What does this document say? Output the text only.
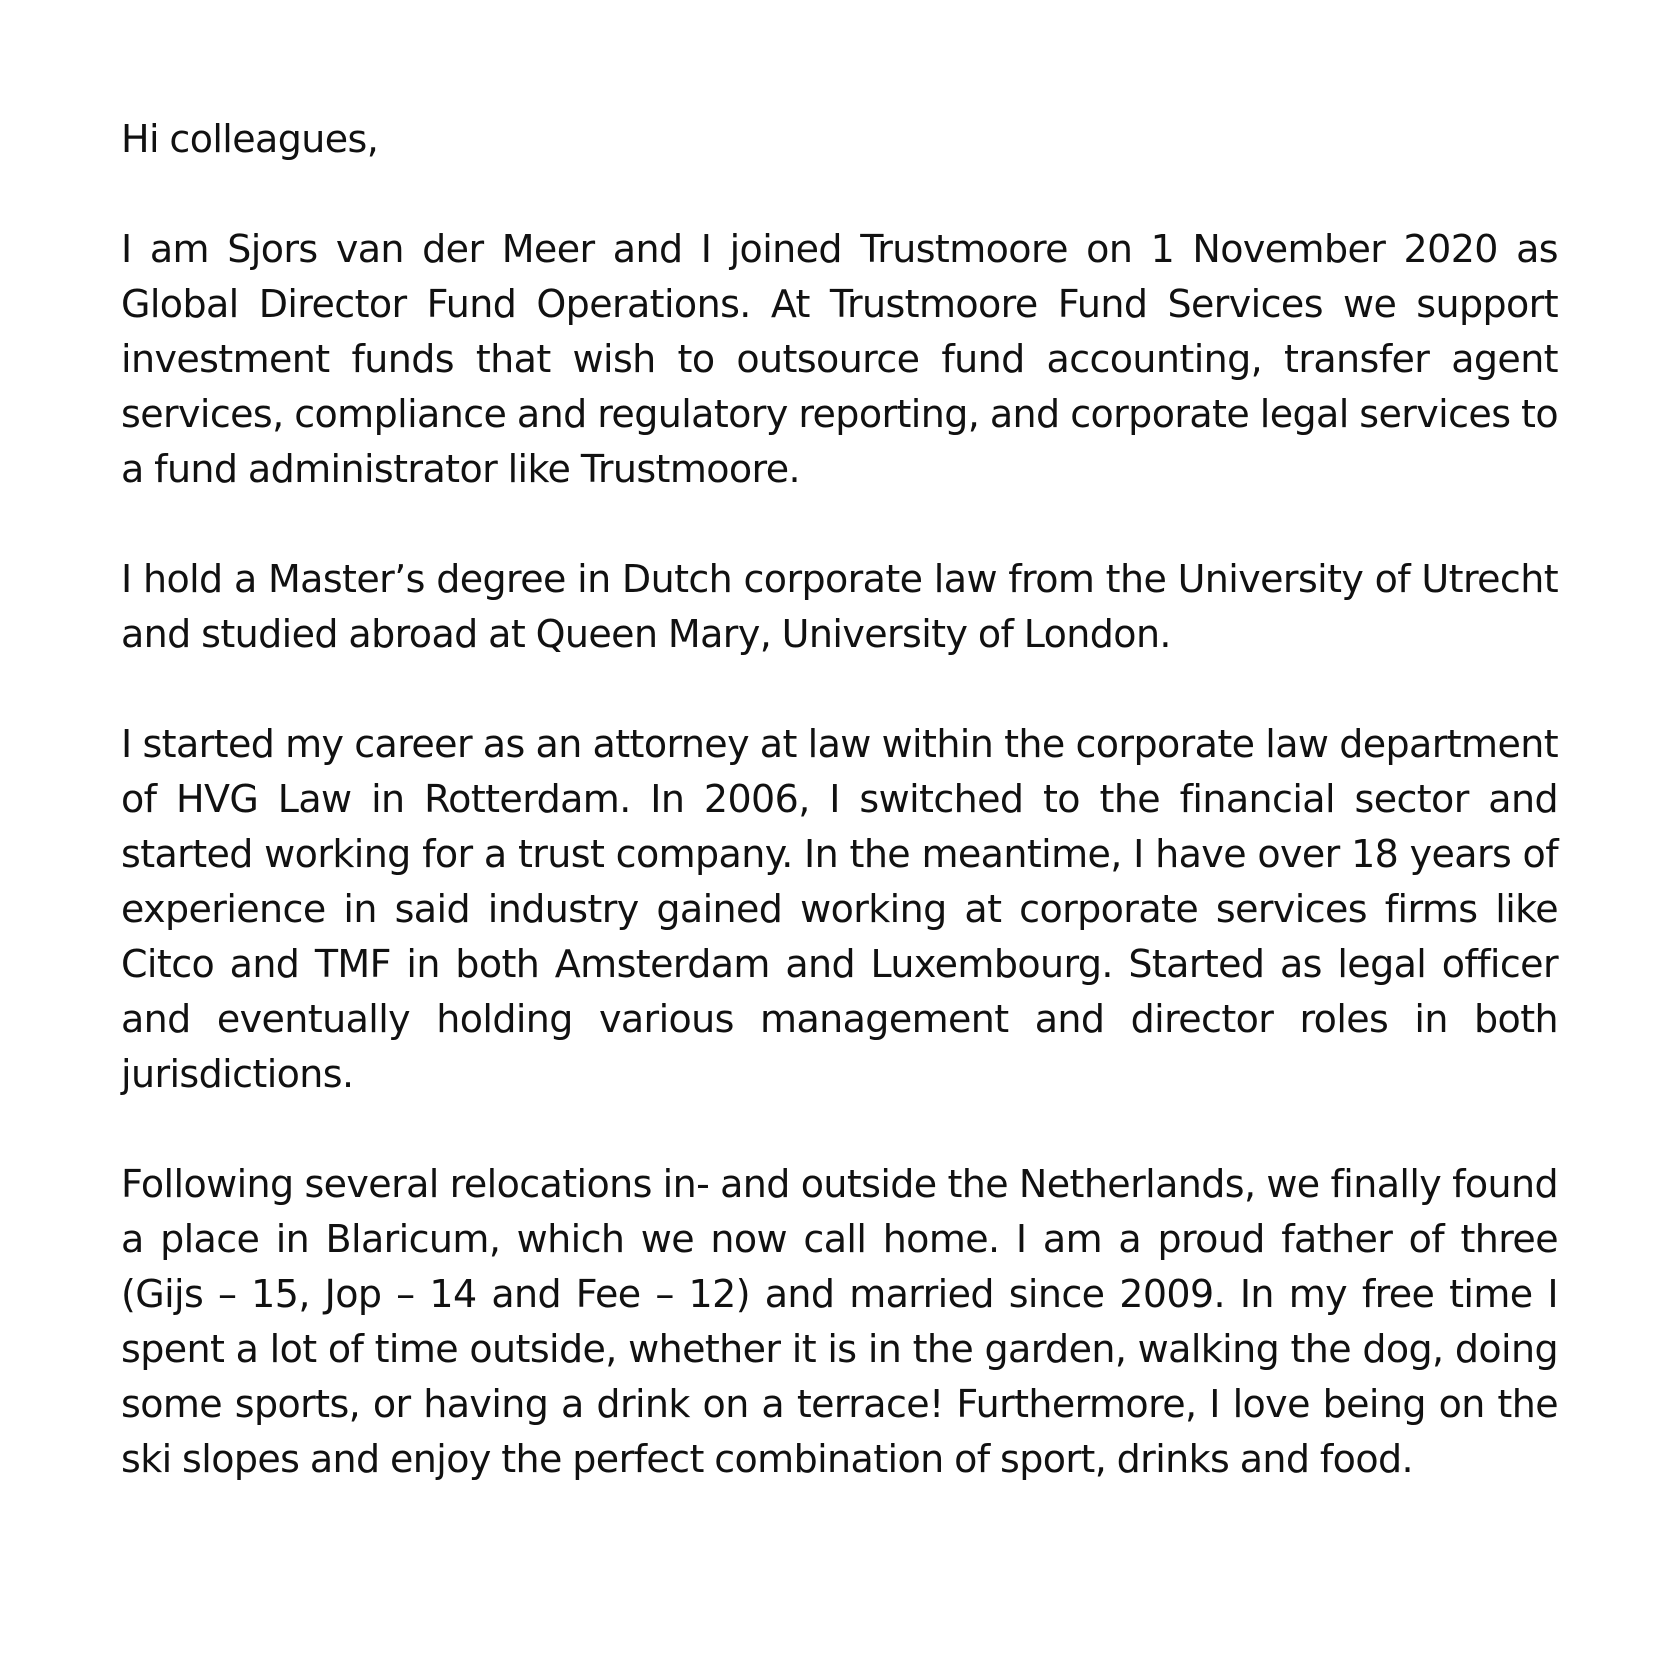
Hi colleagues,

I am Sjors van der Meer and I joined Trustmoore on 1 November 2020 as Global Director Fund Operations. At Trustmoore Fund Services we support investment funds that wish to outsource fund accounting, transfer agent services, compliance and regulatory reporting, and corporate legal services to a fund administrator like Trustmoore.

I hold a Master’s degree in Dutch corporate law from the University of Utrecht and studied abroad at Queen Mary, University of London.

I started my career as an attorney at law within the corporate law department of HVG Law in Rotterdam. In 2006, I switched to the financial sector and started working for a trust company. In the meantime, I have over 18 years of experience in said industry gained working at corporate services firms like Citco and TMF in both Amsterdam and Luxembourg. Started as legal officer and eventually holding various management and director roles in both jurisdictions.

Following several relocations in- and outside the Netherlands, we finally found a place in Blaricum, which we now call home. I am a proud father of three (Gijs – 15, Jop – 14 and Fee – 12) and married since 2009. In my free time I spent a lot of time outside, whether it is in the garden, walking the dog, doing some sports, or having a drink on a terrace! Furthermore, I love being on the ski slopes and enjoy the perfect combination of sport, drinks and food.
